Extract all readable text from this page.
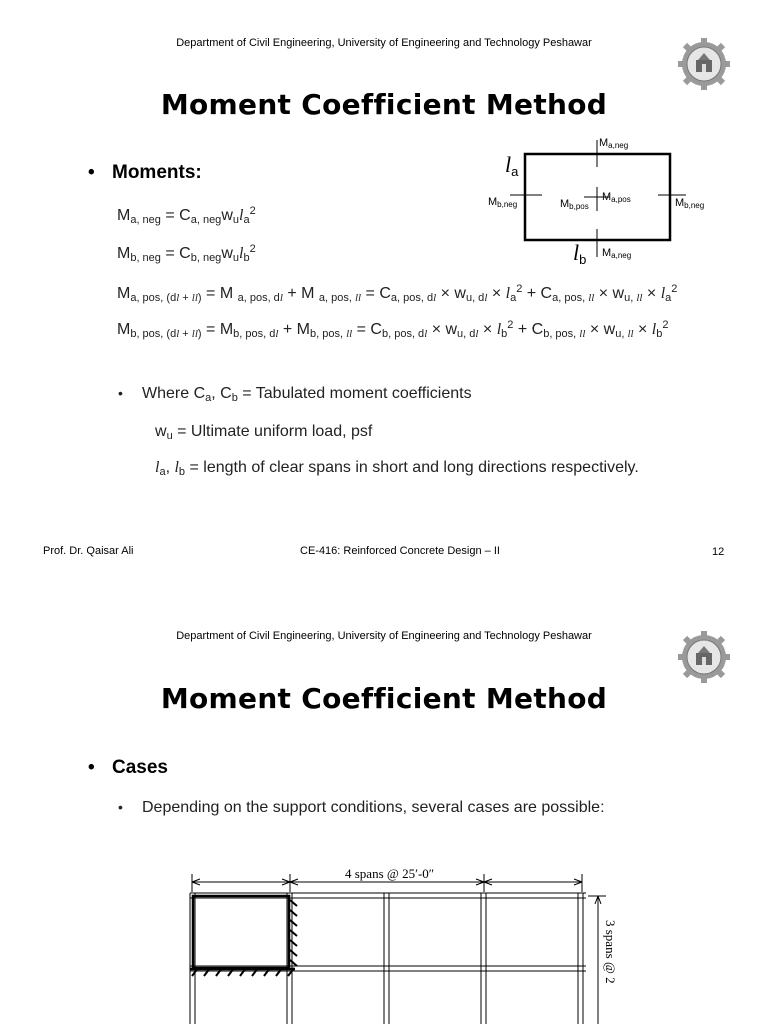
Department of Civil Engineering, University of Engineering and Technology Peshawar
Moment Coefficient Method
• Moments:	$l_a$
$l_b$
$M_{a,neg}$
$M_{b,neg}$	$M_{b,pos}$
$M_{a,pos}$	$M_{b,neg}$
$M_{a,neg}$
$M_{a, neg} = C_{a, neg}w_ul_a^2$
$M_{b, neg} = C_{b, neg}w_ul_b^2$
$M_{a, pos, (dl + ll)} = M$ $_{a, pos, dl}$ + M $_{a, pos, ll} = C_{a, pos, dl} \times w_{u, dl} \times l_a^2 + C_{a, pos, ll} \times w_{u, ll} \times l_a^2$
$M_{b, pos, (dl + ll)} = M_{b, pos, dl} + M_{b, pos, ll} = C_{b, pos, dl} \times w_{u, dl} \times l_b^2 + C_{b, pos, ll} \times w_{u, ll} \times l_b^2$
• Where $C_a$, $C_b$ = Tabulated moment coefficients
$w_u$ = Ultimate uniform load, psf
$l_a$, $l_b$ = length of clear spans in short and long directions respectively.
Prof. Dr. Qaisar Ali	CE-416: Reinforced Concrete Design – II	12
Department of Civil Engineering, University of Engineering and Technology Peshawar
Moment Coefficient Method
• Cases
• Depending on the support conditions, several cases are possible:
4 spans @ 25′-0″
3 spans @ 2
